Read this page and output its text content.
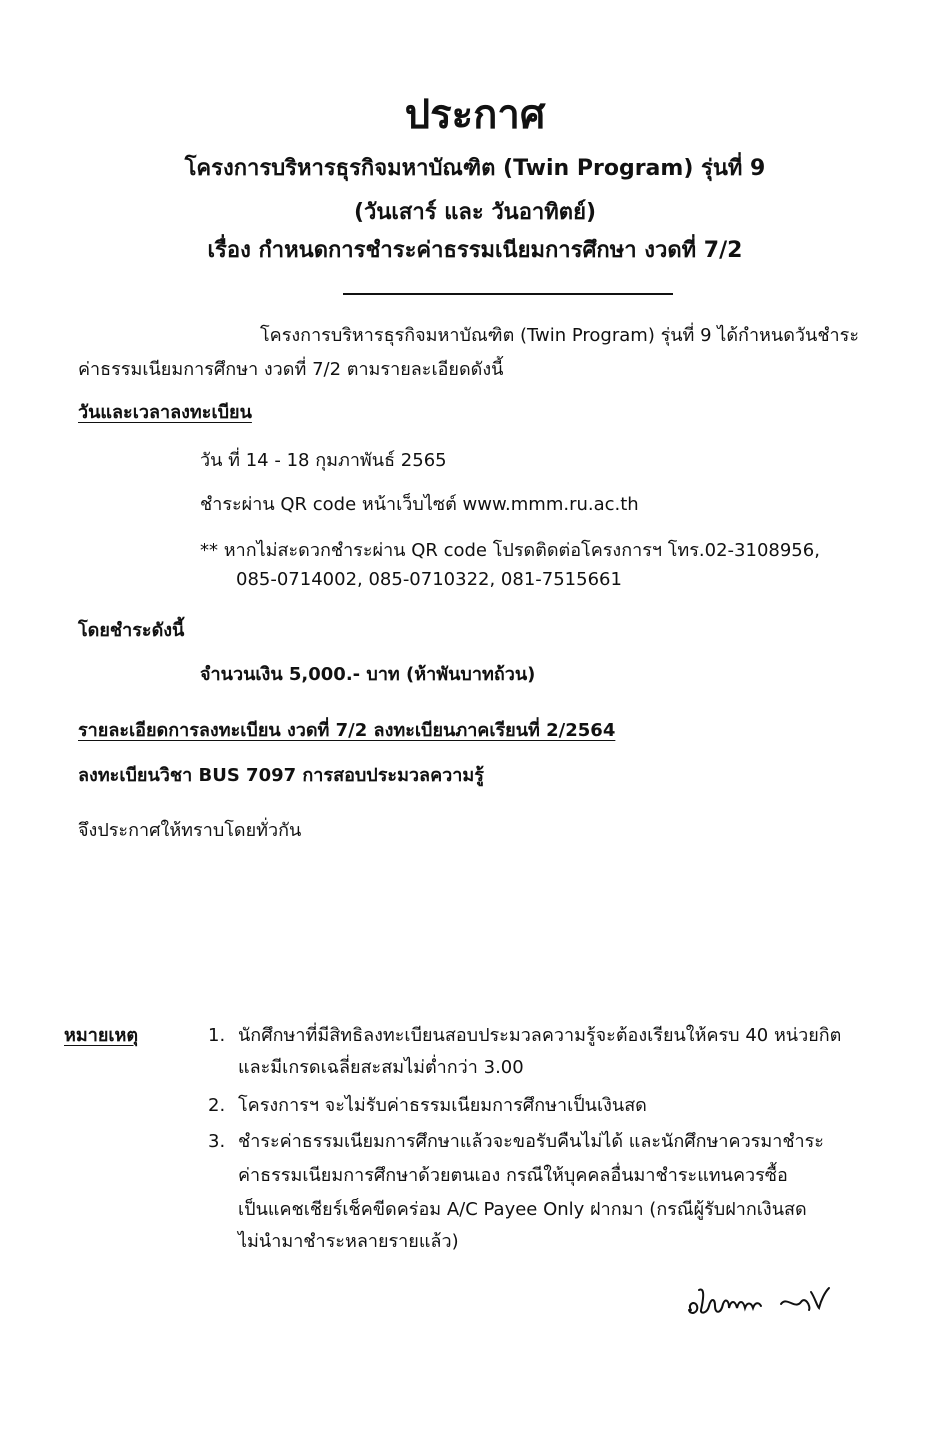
ประกาศ
โครงการบริหารธุรกิจมหาบัณฑิต (Twin Program) รุ่นที่ 9
(วันเสาร์ และ วันอาทิตย์)
เรื่อง กำหนดการชำระค่าธรรมเนียมการศึกษา งวดที่ 7/2
โครงการบริหารธุรกิจมหาบัณฑิต (Twin Program) รุ่นที่ 9 ได้กำหนดวันชำระ
ค่าธรรมเนียมการศึกษา งวดที่ 7/2 ตามรายละเอียดดังนี้
วันและเวลาลงทะเบียน
วัน ที่ 14 - 18 กุมภาพันธ์ 2565
ชำระผ่าน QR code หน้าเว็บไซต์ www.mmm.ru.ac.th
** หากไม่สะดวกชำระผ่าน QR code โปรดติดต่อโครงการฯ โทร.02-3108956,
085-0714002, 085-0710322, 081-7515661
โดยชำระดังนี้
จำนวนเงิน 5,000.- บาท (ห้าพันบาทถ้วน)
รายละเอียดการลงทะเบียน งวดที่ 7/2 ลงทะเบียนภาคเรียนที่ 2/2564
ลงทะเบียนวิชา BUS 7097 การสอบประมวลความรู้
จึงประกาศให้ทราบโดยทั่วกัน
หมายเหตุ	1. นักศึกษาที่มีสิทธิลงทะเบียนสอบประมวลความรู้จะต้องเรียนให้ครบ 40 หน่วยกิต
และมีเกรดเฉลี่ยสะสมไม่ต่ำกว่า 3.00
2. โครงการฯ จะไม่รับค่าธรรมเนียมการศึกษาเป็นเงินสด
3. ชำระค่าธรรมเนียมการศึกษาแล้วจะขอรับคืนไม่ได้ และนักศึกษาควรมาชำระ
ค่าธรรมเนียมการศึกษาด้วยตนเอง กรณีให้บุคคลอื่นมาชำระแทนควรซื้อ
เป็นแคชเชียร์เช็คขีดคร่อม A/C Payee Only ฝากมา (กรณีผู้รับฝากเงินสด
ไม่นำมาชำระหลายรายแล้ว)
